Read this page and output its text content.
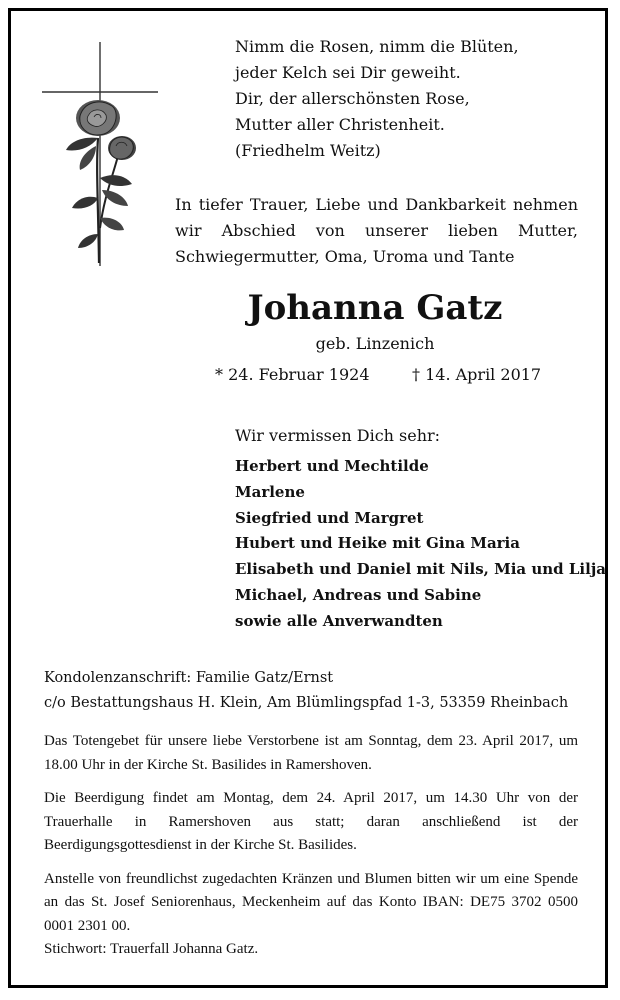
Nimm die Rosen, nimm die Blüten,
jeder Kelch sei Dir geweiht.
Dir, der allerschönsten Rose,
Mutter aller Christenheit.
(Friedhelm Weitz)
In tiefer Trauer, Liebe und Dankbarkeit nehmen wir Abschied von unserer lieben Mutter, Schwiegermutter, Oma, Uroma und Tante
Johanna Gatz
geb. Linzenich
* 24. Februar 1924	† 14. April 2017
Wir vermissen Dich sehr:
Herbert und Mechtilde
Marlene
Siegfried und Margret
Hubert und Heike mit Gina Maria
Elisabeth und Daniel mit Nils, Mia und Lilja
Michael, Andreas und Sabine
sowie alle Anverwandten
Kondolenzanschrift: Familie Gatz/Ernst
c/o Bestattungshaus H. Klein, Am Blümlingspfad 1-3, 53359 Rheinbach

Das Totengebet für unsere liebe Verstorbene ist am Sonntag, dem 23. April 2017, um 18.00 Uhr in der Kirche St. Basilides in Ramershoven.

Die Beerdigung findet am Montag, dem 24. April 2017, um 14.30 Uhr von der Trauerhalle in Ramershoven aus statt; daran anschließend ist der Beerdigungsgottesdienst in der Kirche St. Basilides.

Anstelle von freundlichst zugedachten Kränzen und Blumen bitten wir um eine Spende an das St. Josef Seniorenhaus, Meckenheim auf das Konto IBAN: DE75 3702 0500 0001 2301 00.

Stichwort: Trauerfall Johanna Gatz.
